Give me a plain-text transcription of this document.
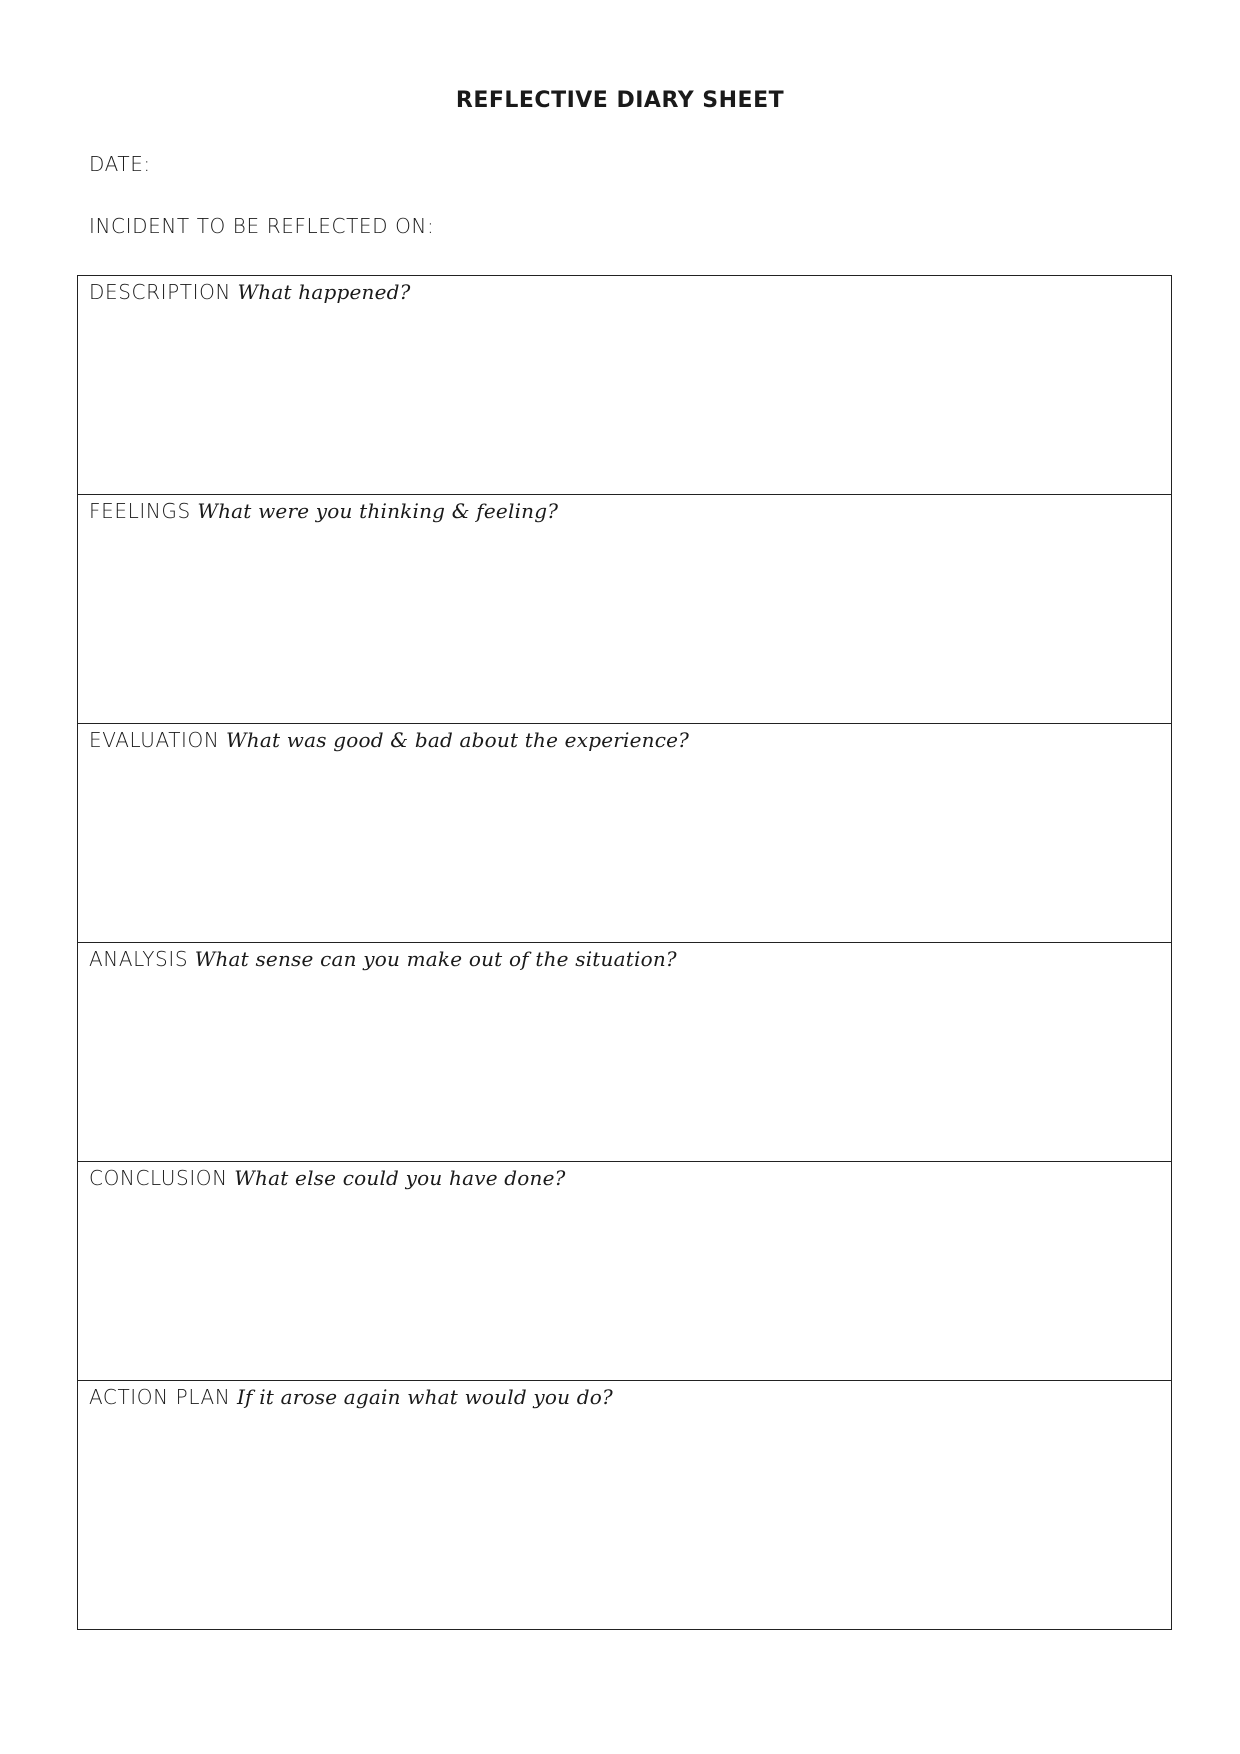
REFLECTIVE DIARY SHEET
DATE:
INCIDENT TO BE REFLECTED ON:
DESCRIPTION What happened?
FEELINGS What were you thinking & feeling?
EVALUATION What was good & bad about the experience?
ANALYSIS What sense can you make out of the situation?
CONCLUSION What else could you have done?
ACTION PLAN If it arose again what would you do?
